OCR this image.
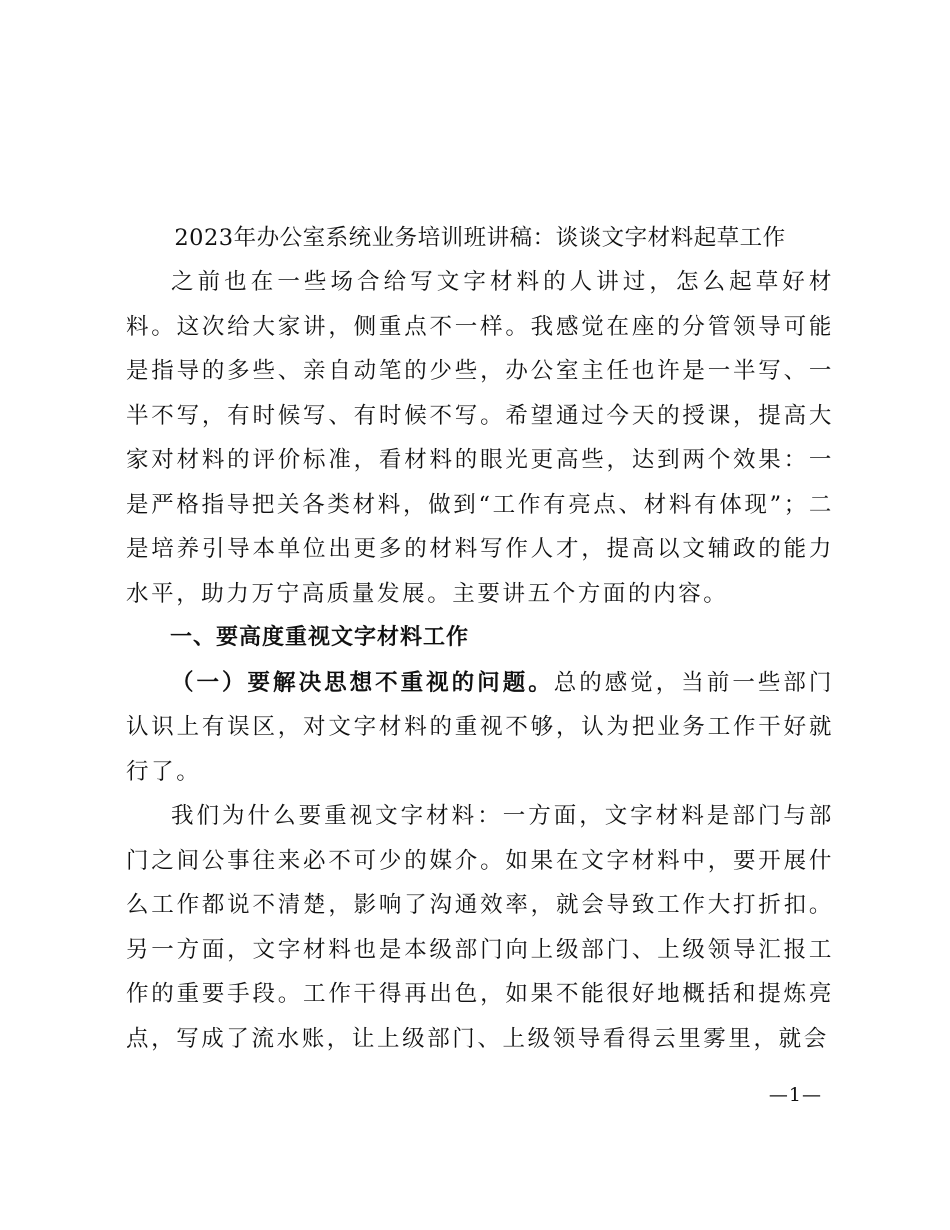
2023年办公室系统业务培训班讲稿：谈谈文字材料起草工作

之前也在一些场合给写文字材料的人讲过，怎么起草好材料。这次给大家讲，侧重点不一样。我感觉在座的分管领导可能是指导的多些、亲自动笔的少些，办公室主任也许是一半写、一半不写，有时候写、有时候不写。希望通过今天的授课，提高大家对材料的评价标准，看材料的眼光更高些，达到两个效果：一是严格指导把关各类材料，做到“工作有亮点、材料有体现”；二是培养引导本单位出更多的材料写作人才，提高以文辅政的能力水平，助力万宁高质量发展。主要讲五个方面的内容。

一、要高度重视文字材料工作

（一）要解决思想不重视的问题。总的感觉，当前一些部门认识上有误区，对文字材料的重视不够，认为把业务工作干好就行了。

我们为什么要重视文字材料：一方面，文字材料是部门与部门之间公事往来必不可少的媒介。如果在文字材料中，要开展什么工作都说不清楚，影响了沟通效率，就会导致工作大打折扣。另一方面，文字材料也是本级部门向上级部门、上级领导汇报工作的重要手段。工作干得再出色，如果不能很好地概括和提炼亮点，写成了流水账，让上级部门、上级领导看得云里雾里，就会

—1—
